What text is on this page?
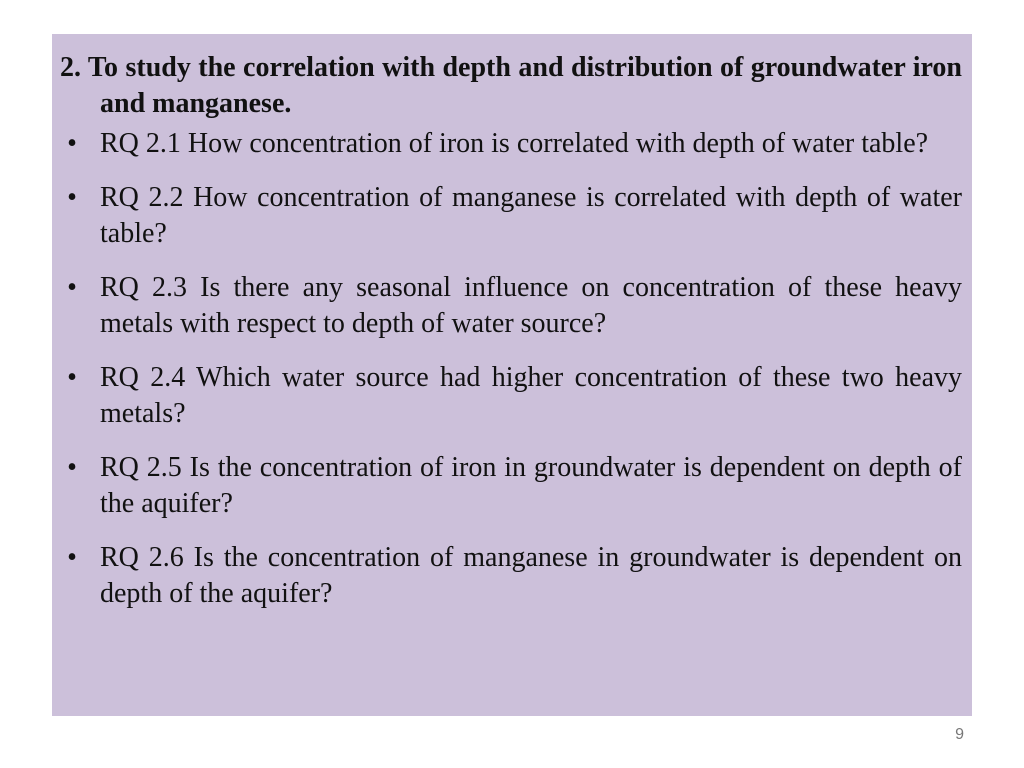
2. To study the correlation with depth and distribution of groundwater iron and manganese.

• RQ 2.1 How concentration of iron is correlated with depth of water table?
• RQ 2.2 How concentration of manganese is correlated with depth of water table?
• RQ 2.3 Is there any seasonal influence on concentration of these heavy metals with respect to depth of water source?
• RQ 2.4 Which water source had higher concentration of these two heavy metals?
• RQ 2.5 Is the concentration of iron in groundwater is dependent on depth of the aquifer?
• RQ 2.6 Is the concentration of manganese in groundwater is dependent on depth of the aquifer?
9
